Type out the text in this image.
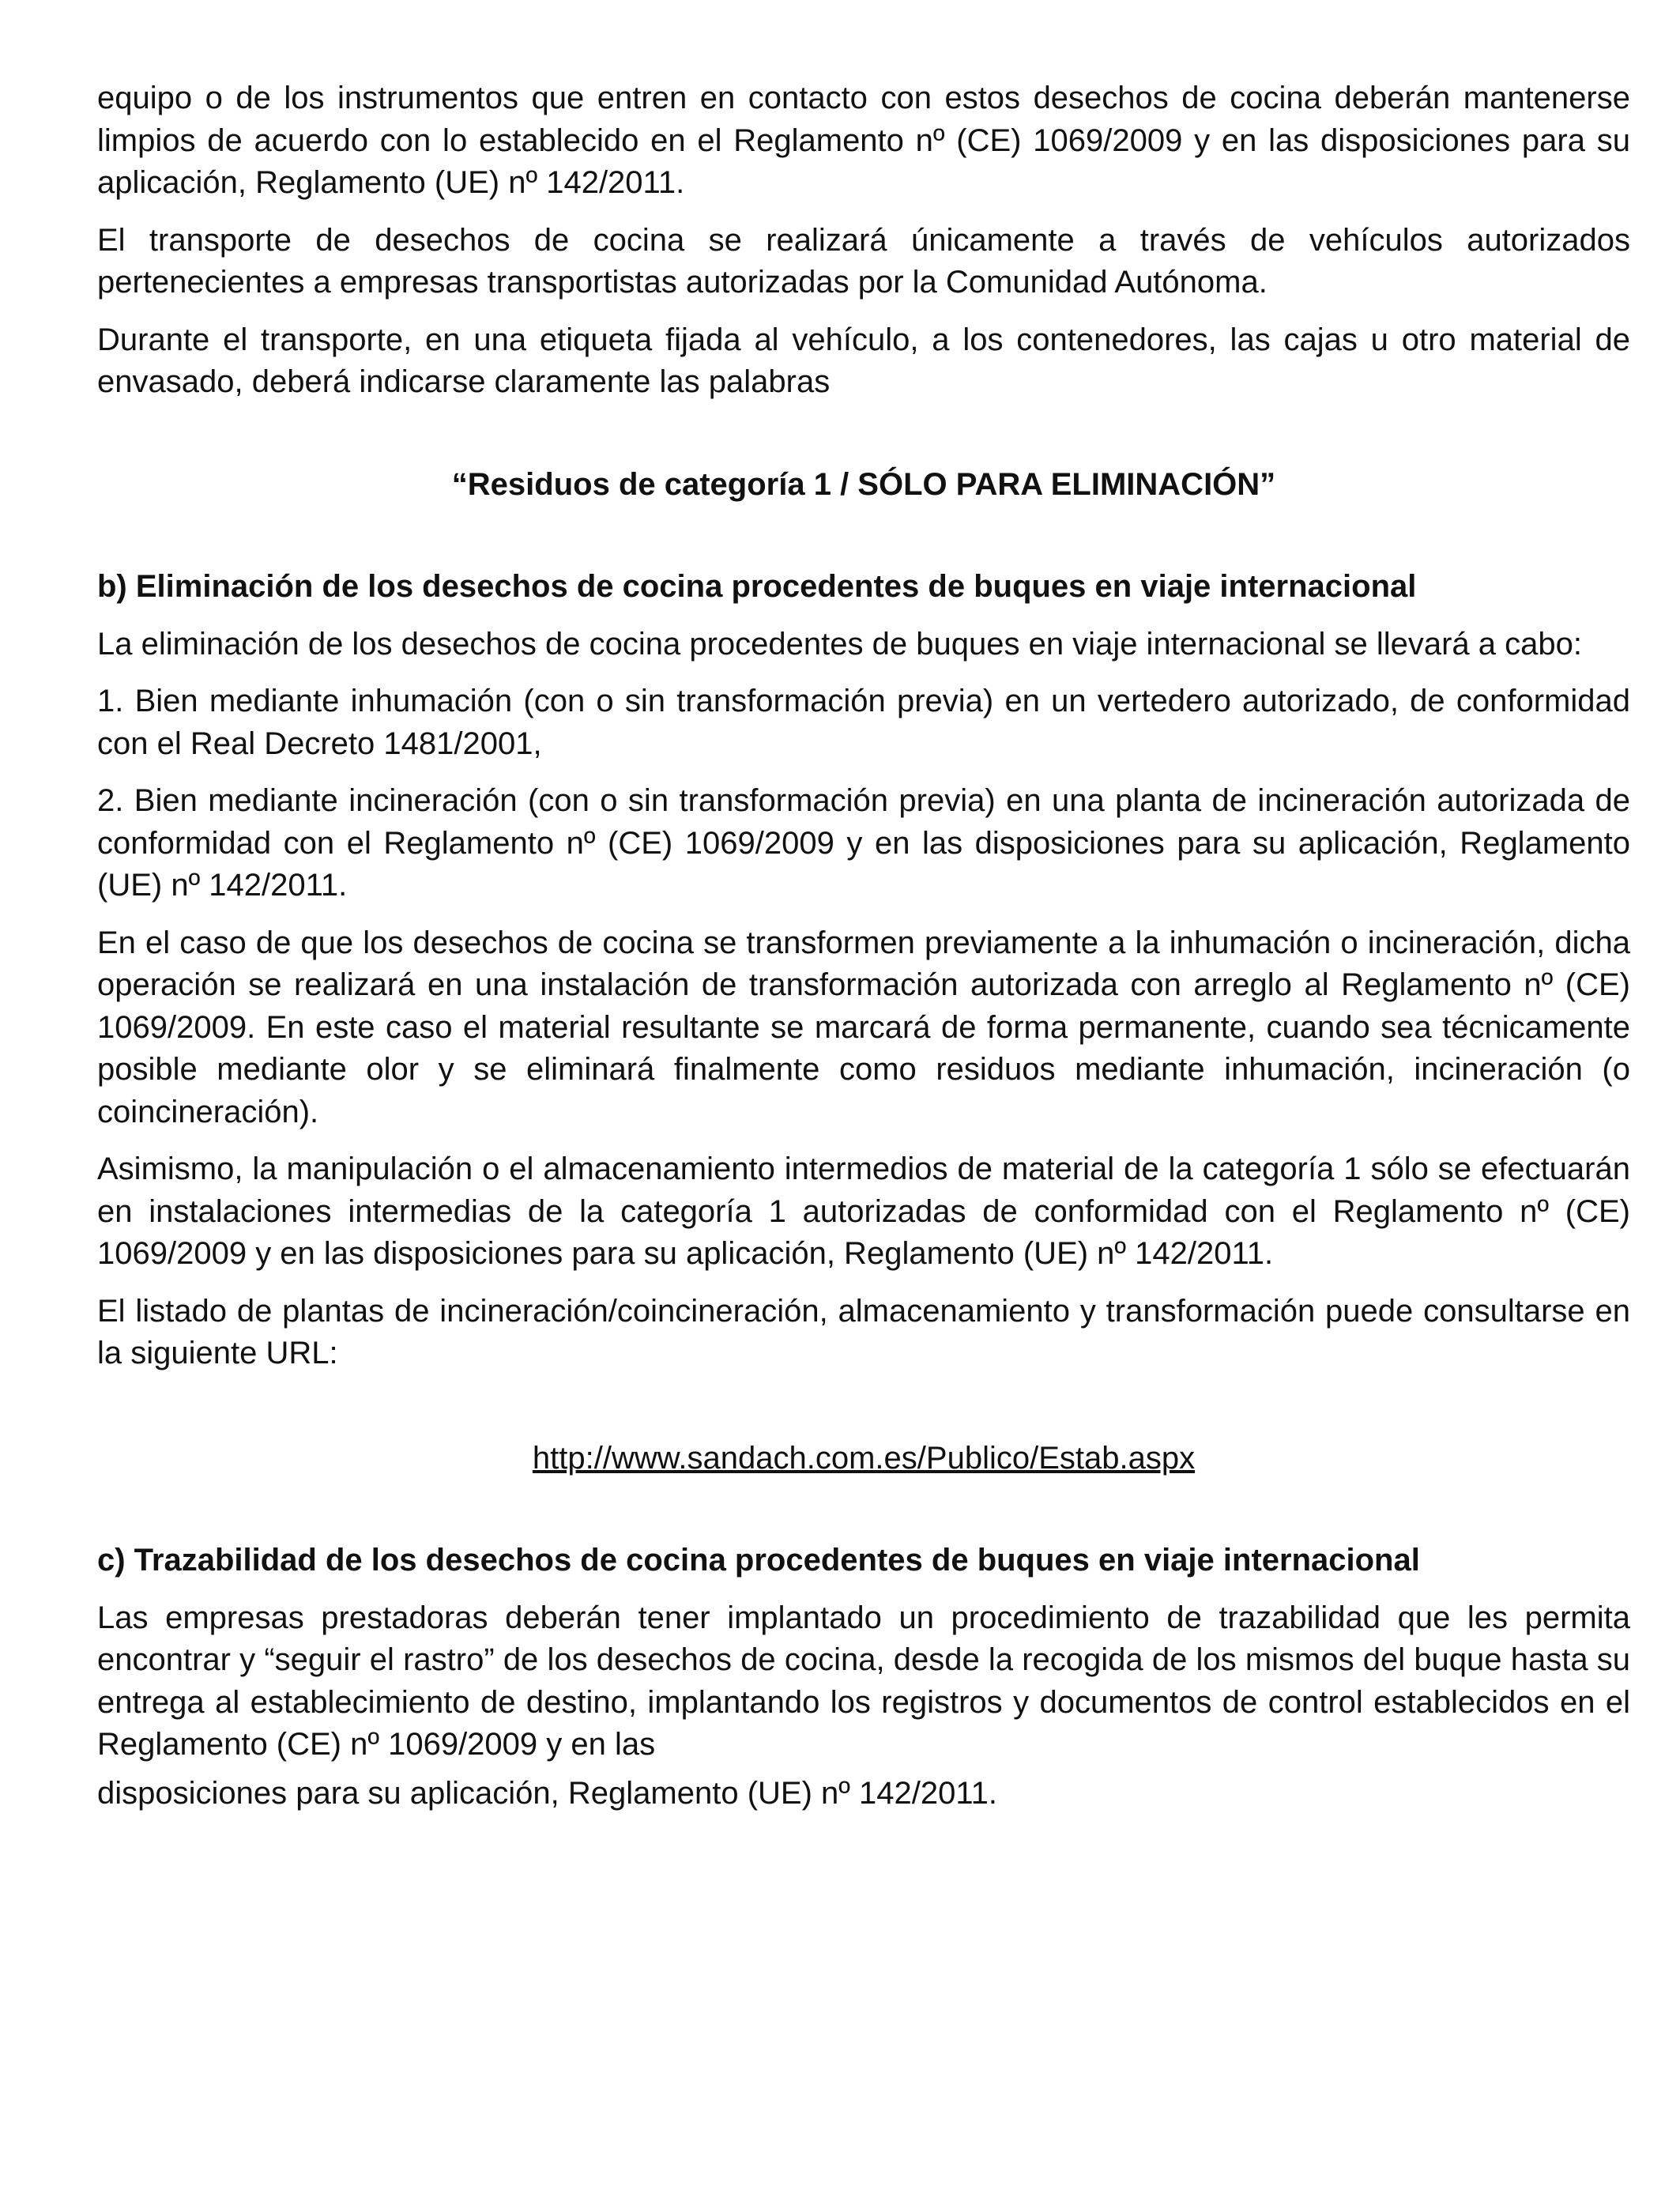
equipo o de los instrumentos que entren en contacto con estos desechos de cocina deberán mantenerse limpios de acuerdo con lo establecido en el Reglamento nº (CE) 1069/2009 y en las disposiciones para su aplicación, Reglamento (UE) nº 142/2011.

El transporte de desechos de cocina se realizará únicamente a través de vehículos autorizados pertenecientes a empresas transportistas autorizadas por la Comunidad Autónoma.

Durante el transporte, en una etiqueta fijada al vehículo, a los contenedores, las cajas u otro material de envasado, deberá indicarse claramente las palabras

“Residuos de categoría 1 / SÓLO PARA ELIMINACIÓN”

b) Eliminación de los desechos de cocina procedentes de buques en viaje internacional

La eliminación de los desechos de cocina procedentes de buques en viaje internacional se llevará a cabo:

1. Bien mediante inhumación (con o sin transformación previa) en un vertedero autorizado, de conformidad con el Real Decreto 1481/2001,

2. Bien mediante incineración (con o sin transformación previa) en una planta de incineración autorizada de conformidad con el Reglamento nº (CE) 1069/2009 y en las disposiciones para su aplicación, Reglamento (UE) nº 142/2011.

En el caso de que los desechos de cocina se transformen previamente a la inhumación o incineración, dicha operación se realizará en una instalación de transformación autorizada con arreglo al Reglamento nº (CE) 1069/2009. En este caso el material resultante se marcará de forma permanente, cuando sea técnicamente posible mediante olor y se eliminará finalmente como residuos mediante inhumación, incineración (o coincineración).

Asimismo, la manipulación o el almacenamiento intermedios de material de la categoría 1 sólo se efectuarán en instalaciones intermedias de la categoría 1 autorizadas de conformidad con el Reglamento nº (CE) 1069/2009 y en las disposiciones para su aplicación, Reglamento (UE) nº 142/2011.

El listado de plantas de incineración/coincineración, almacenamiento y transformación puede consultarse en la siguiente URL:

http://www.sandach.com.es/Publico/Estab.aspx

c) Trazabilidad de los desechos de cocina procedentes de buques en viaje internacional

Las empresas prestadoras deberán tener implantado un procedimiento de trazabilidad que les permita encontrar y “seguir el rastro” de los desechos de cocina, desde la recogida de los mismos del buque hasta su entrega al establecimiento de destino, implantando los registros y documentos de control establecidos en el Reglamento (CE) nº 1069/2009 y en las
disposiciones para su aplicación, Reglamento (UE) nº 142/2011.
